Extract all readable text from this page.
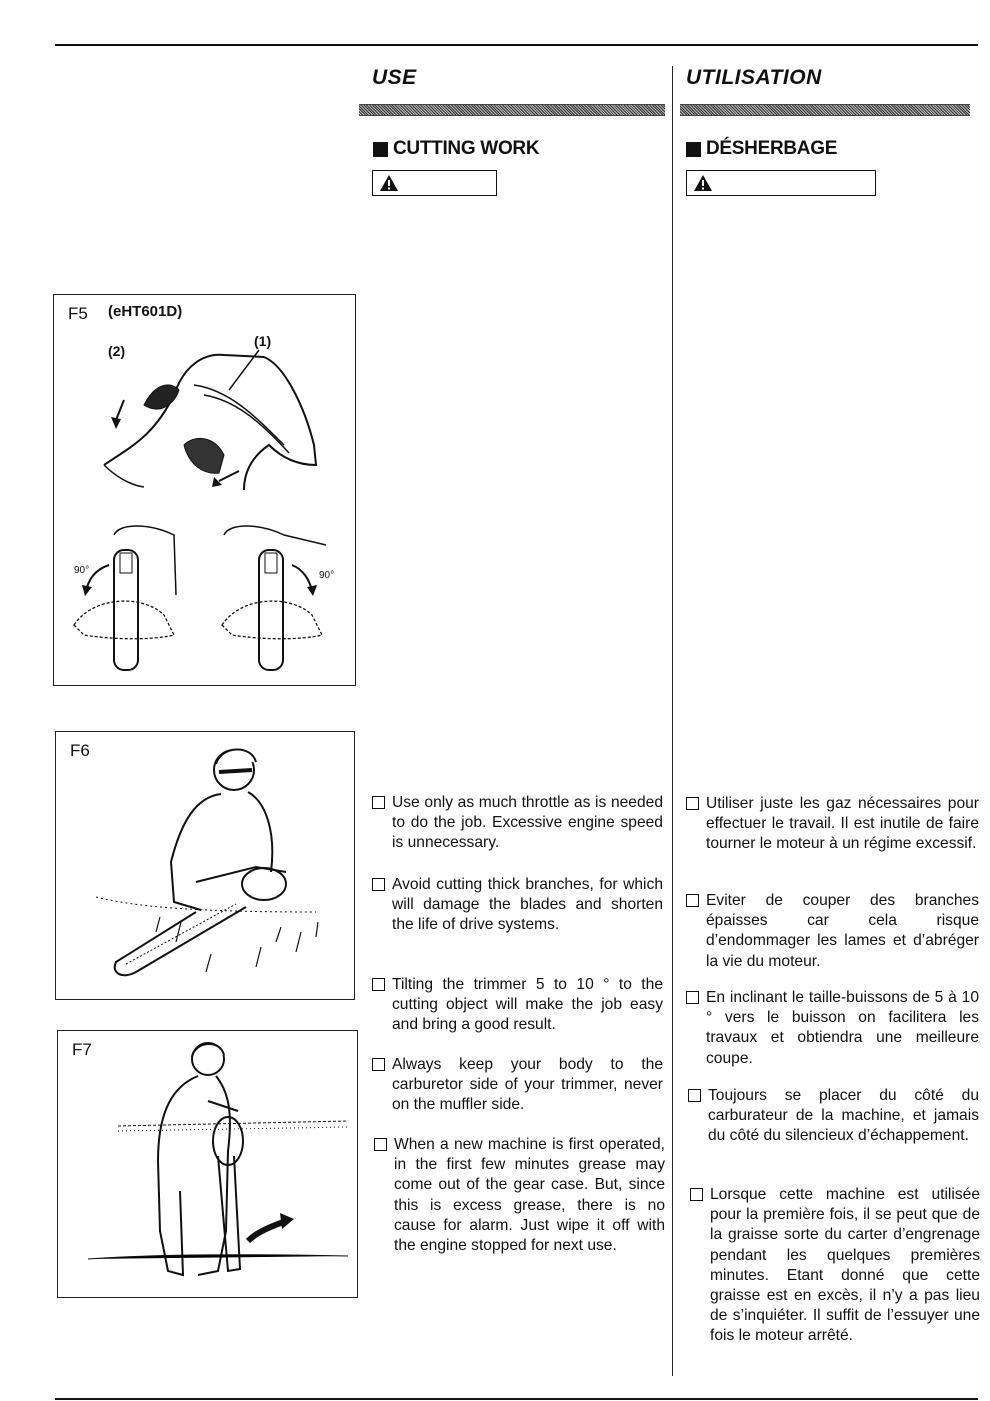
USE	UTILISATION
CUTTING WORK	DÉSHERBAGE
F5 (eHT601D)
(1)
(2)
90°	90°
F6
F7
Use only as much throttle as is needed to do the job. Excessive engine speed is unnecessary.
Avoid cutting thick branches, for which will damage the blades and shorten the life of drive systems.
Tilting the trimmer 5 to 10 ° to the cutting object will make the job easy and bring a good result.
Always keep your body to the carburetor side of your trimmer, never on the muffler side.
When a new machine is first operated, in the first few minutes grease may come out of the gear case. But, since this is excess grease, there is no cause for alarm. Just wipe it off with the engine stopped for next use.
Utiliser juste les gaz nécessaires pour effectuer le travail. Il est inutile de faire tourner le moteur à un régime excessif.
Eviter de couper des branches épaisses car cela risque d’endommager les lames et d’abréger la vie du moteur.
En inclinant le taille-buissons de 5 à 10 ° vers le buisson on facilitera les travaux et obtiendra une meilleure coupe.
Toujours se placer du côté du carburateur de la machine, et jamais du côté du silencieux d’échappement.
Lorsque cette machine est utilisée pour la première fois, il se peut que de la graisse sorte du carter d’engrenage pendant les quelques premières minutes. Etant donné que cette graisse est en excès, il n’y a pas lieu de s’inquiéter. Il suffit de l’essuyer une fois le moteur arrêté.
